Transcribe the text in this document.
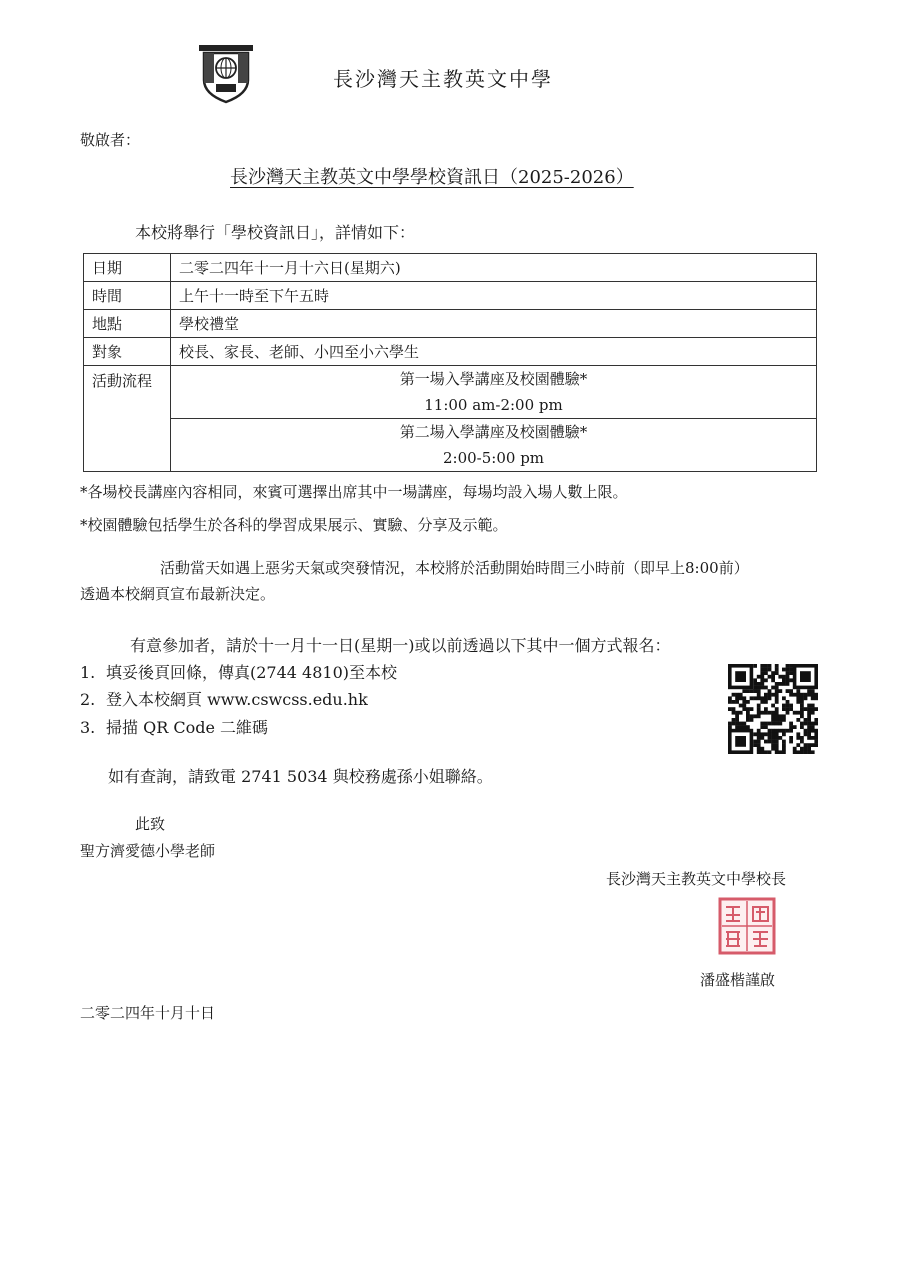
長沙灣天主教英文中學
敬啟者：
長沙灣天主教英文中學學校資訊日（2025-2026）
本校將舉行「學校資訊日」，詳情如下：
日期	二零二四年十一月十六日(星期六)
時間	上午十一時至下午五時
地點	學校禮堂
對象	校長、家長、老師、小四至小六學生
活動流程	第一場入學講座及校園體驗*
11:00 am-2:00 pm

	第二場入學講座及校園體驗*
2:00-5:00 pm
*各場校長講座內容相同，來賓可選擇出席其中一場講座，每場均設入場人數上限。
*校園體驗包括學生於各科的學習成果展示、實驗、分享及示範。
活動當天如遇上惡劣天氣或突發情況，本校將於活動開始時間三小時前（即早上8:00前）
透過本校網頁宣布最新決定。
有意參加者，請於十一月十一日(星期一)或以前透過以下其中一個方式報名：
1. 填妥後頁回條，傳真(2744 4810)至本校
2. 登入本校網頁 www.cswcss.edu.hk
3. 掃描 QR Code 二維碼
如有查詢，請致電 2741 5034 與校務處孫小姐聯絡。
此致
聖方濟愛德小學老師
長沙灣天主教英文中學校長
潘盛楷謹啟
二零二四年十月十日
